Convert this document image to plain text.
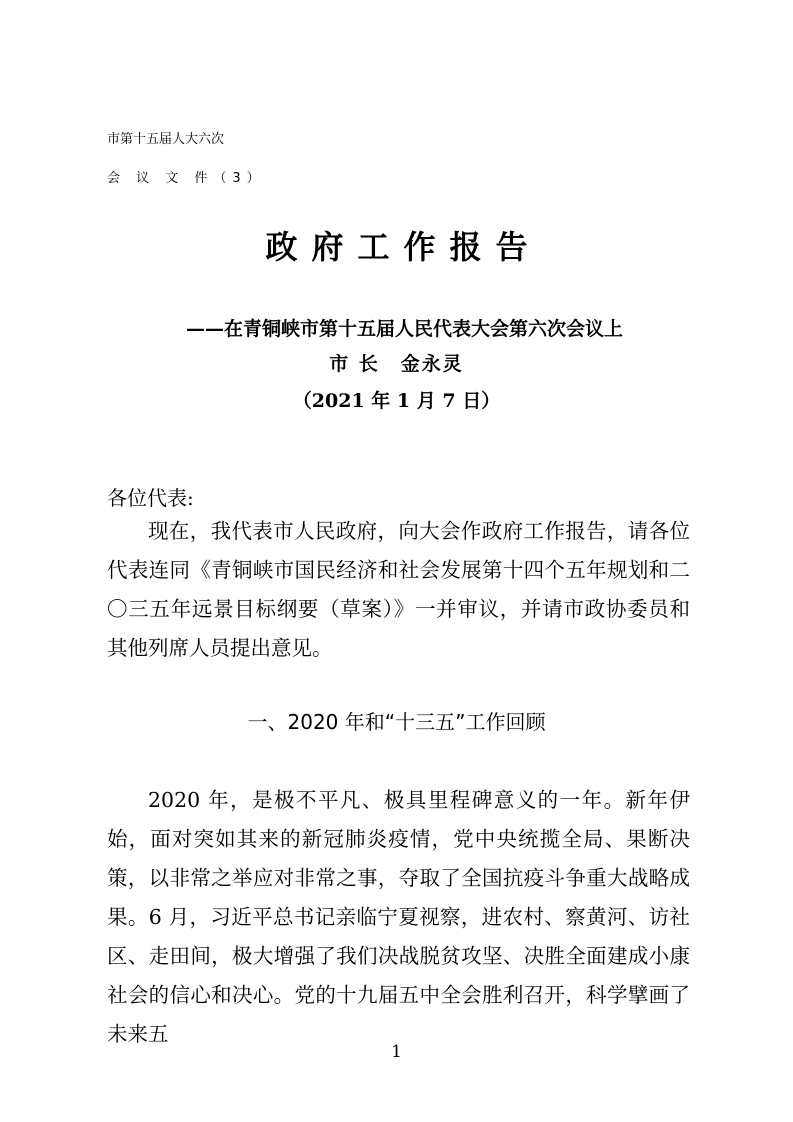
市第十五届人大六次
会 议 文 件（3）
政府工作报告
——在青铜峡市第十五届人民代表大会第六次会议上
市 长　金永灵
（2021 年 1 月 7 日）
各位代表:

现在，我代表市人民政府，向大会作政府工作报告，请各位代表连同《青铜峡市国民经济和社会发展第十四个五年规划和二〇三五年远景目标纲要（草案）》一并审议，并请市政协委员和其他列席人员提出意见。

一、2020 年和“十三五”工作回顾

2020 年，是极不平凡、极具里程碑意义的一年。新年伊始，面对突如其来的新冠肺炎疫情，党中央统揽全局、果断决策，以非常之举应对非常之事，夺取了全国抗疫斗争重大战略成果。6 月，习近平总书记亲临宁夏视察，进农村、察黄河、访社区、走田间，极大增强了我们决战脱贫攻坚、决胜全面建成小康社会的信心和决心。党的十九届五中全会胜利召开，科学擘画了未来五

1
